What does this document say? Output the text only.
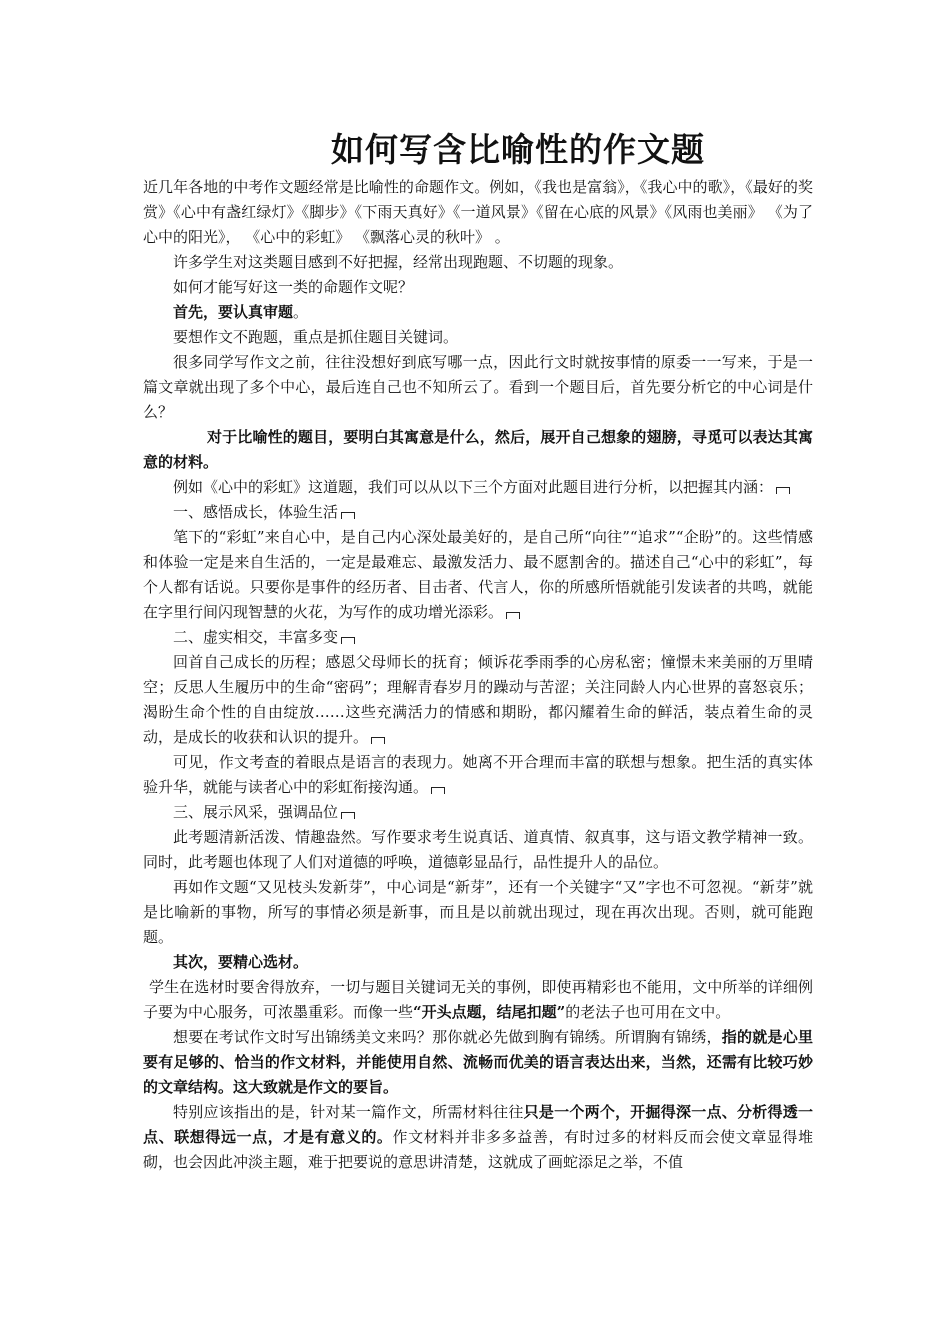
如何写含比喻性的作文题

近几年各地的中考作文题经常是比喻性的命题作文。例如，《我也是富翁》，《我心中的歌》，《最好的奖赏》《心中有盏红绿灯》《脚步》《下雨天真好》《一道风景》《留在心底的风景》《风雨也美丽》 《为了心中的阳光》， 《心中的彩虹》 《飘落心灵的秋叶》 。

许多学生对这类题目感到不好把握，经常出现跑题、不切题的现象。

如何才能写好这一类的命题作文呢？

首先，要认真审题。

要想作文不跑题，重点是抓住题目关键词。

很多同学写作文之前，往往没想好到底写哪一点，因此行文时就按事情的原委一一写来，于是一篇文章就出现了多个中心，最后连自己也不知所云了。看到一个题目后，首先要分析它的中心词是什么？

对于比喻性的题目，要明白其寓意是什么，然后，展开自己想象的翅膀，寻觅可以表达其寓意的材料。

例如《心中的彩虹》这道题，我们可以从以下三个方面对此题目进行分析，以把握其内涵：

一、感悟成长，体验生活

笔下的“彩虹”来自心中，是自己内心深处最美好的，是自己所“向往”“追求”“企盼”的。这些情感和体验一定是来自生活的，一定是最难忘、最激发活力、最不愿割舍的。描述自己“心中的彩虹”，每个人都有话说。只要你是事件的经历者、目击者、代言人，你的所感所悟就能引发读者的共鸣，就能在字里行间闪现智慧的火花，为写作的成功增光添彩。

二、虚实相交，丰富多变

回首自己成长的历程；感恩父母师长的抚育；倾诉花季雨季的心房私密；憧憬未来美丽的万里晴空；反思人生履历中的生命“密码”；理解青春岁月的躁动与苦涩；关注同龄人内心世界的喜怒哀乐；渴盼生命个性的自由绽放……这些充满活力的情感和期盼，都闪耀着生命的鲜活，装点着生命的灵动，是成长的收获和认识的提升。

可见，作文考查的着眼点是语言的表现力。她离不开合理而丰富的联想与想象。把生活的真实体验升华，就能与读者心中的彩虹衔接沟通。

三、展示风采，强调品位

此考题清新活泼、情趣盎然。写作要求考生说真话、道真情、叙真事，这与语文教学精神一致。同时，此考题也体现了人们对道德的呼唤，道德彰显品行，品性提升人的品位。

再如作文题“又见枝头发新芽”，中心词是“新芽”，还有一个关键字“又”字也不可忽视。“新芽”就是比喻新的事物，所写的事情必须是新事，而且是以前就出现过，现在再次出现。否则，就可能跑题。

其次，要精心选材。

学生在选材时要舍得放弃，一切与题目关键词无关的事例，即使再精彩也不能用，文中所举的详细例子要为中心服务，可浓墨重彩。而像一些“开头点题，结尾扣题”的老法子也可用在文中。

想要在考试作文时写出锦绣美文来吗？那你就必先做到胸有锦绣。所谓胸有锦绣，指的就是心里要有足够的、恰当的作文材料，并能使用自然、流畅而优美的语言表达出来，当然，还需有比较巧妙的文章结构。这大致就是作文的要旨。

特别应该指出的是，针对某一篇作文，所需材料往往只是一个两个，开掘得深一点、分析得透一点、联想得远一点，才是有意义的。作文材料并非多多益善，有时过多的材料反而会使文章显得堆砌，也会因此冲淡主题，难于把要说的意思讲清楚，这就成了画蛇添足之举，不值
